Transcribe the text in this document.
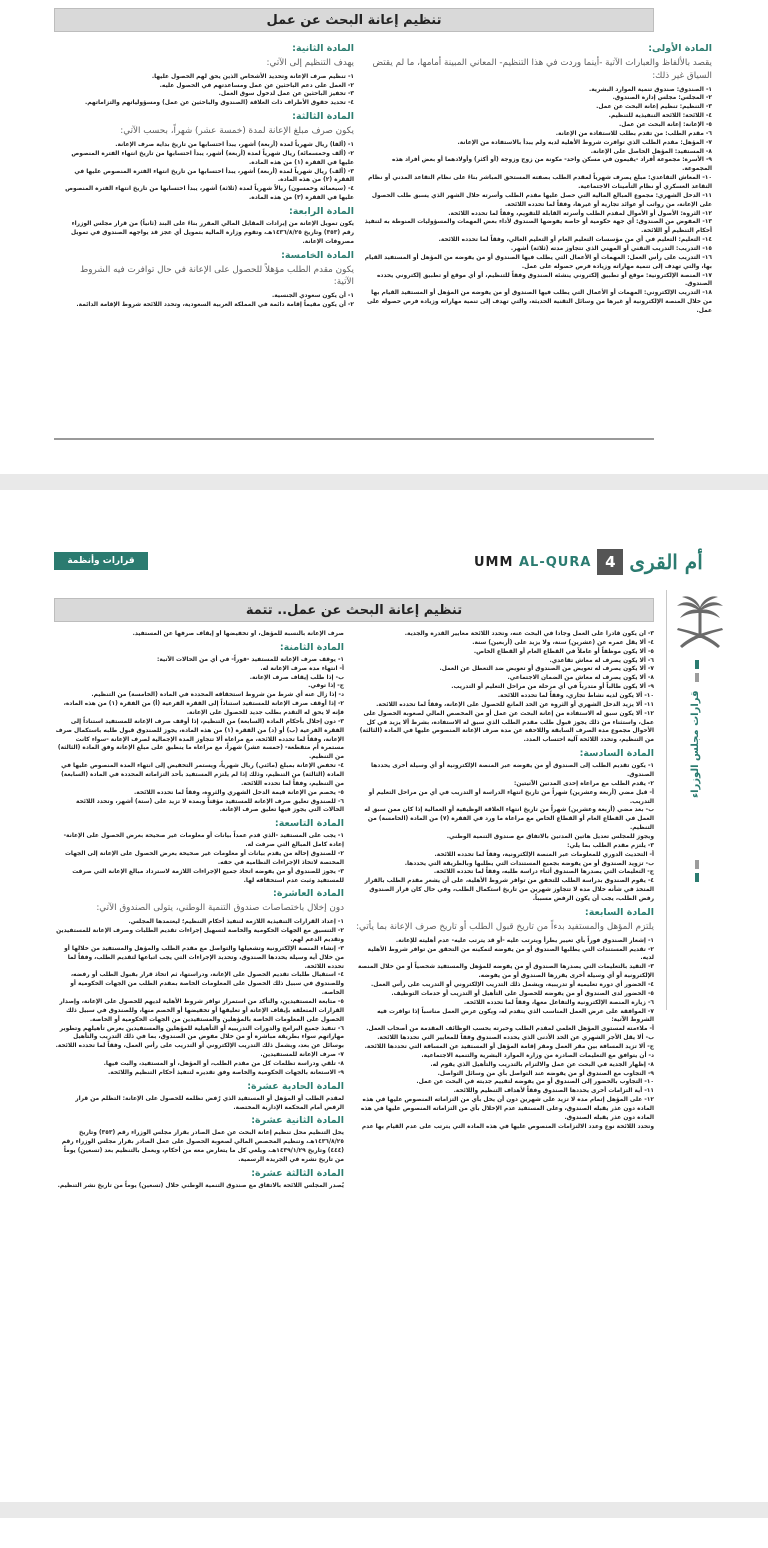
تنظيم إعانة البحث عن عمل
المادة الأولى:
يقصد بالألفاظ والعبارات الآتية -أينما وردت في هذا التنظيم- المعاني المبينة أمامها، ما لم يقتض السياق غير ذلك:
١- الصندوق: صندوق تنمية الموارد البشرية.
٢- المجلس: مجلس إدارة الصندوق.
٣- التنظيم: تنظيم إعانة البحث عن عمل.
٤- اللائحة: اللائحة التنفيذية للتنظيم.
٥- الإعانة: إعانة البحث عن عمل.
٦- مقدم الطلب: من تقدم بطلب للاستفادة من الإعانة.
٧- المؤهل: مقدم الطلب الذي توافرت شروط الأهلية لديه ولم يبدأ بالاستفادة من الإعانة.
٨- المستفيد: المؤهل الحاصل على الإعانة.
٩- الأسرة: مجموعة أفراد -يقيمون في مسكن واحد- مكونة من زوج وزوجة (أو أكثر) وأولادهما أو بعض أفراد هذه المجموعة.
١٠- المعاش التقاعدي: مبلغ يصرف شهرياً لمقدم الطلب بصفته المستحق المباشر بناءً على نظام التقاعد المدني أو نظام التقاعد العسكري أو نظام التأمينات الاجتماعية.
١١- الدخل الشهري: مجموع المبالغ المالية التي حصل عليها مقدم الطلب وأسرته خلال الشهر الذي يسبق طلب الحصول على الإعانة، من رواتب أو عوائد تجارية أو غيرها، وفقاً لما تحدده اللائحة.
١٢- الثروة: الأصول أو الأموال لمقدم الطلب وأسرته القابلة للتقويم، وفقاً لما تحدده اللائحة.
١٣- المفوض من الصندوق: أي جهة حكومية أو خاصة يفوضها الصندوق لأداء بعض المهمات والمسؤوليات المنوطة به لتنفيذ أحكام التنظيم أو اللائحة.
١٤- التعليم: التعليم في أي من مؤسسات التعليم العام أو التعليم العالي، وفقاً لما تحدده اللائحة.
١٥- التدريب: التدريب التقني أو المهني الذي تتجاوز مدته (ثلاثة) أشهر.
١٦- التدريب على رأس العمل: المهمات أو الأعمال التي يطلب فيها الصندوق أو من يفوضه من المؤهل أو المستفيد القيام بها، والتي تهدف إلى تنمية مهاراته وزيادة فرص حصوله على عمل.
١٧- المنصة الإلكترونية: موقع أو تطبيق إلكتروني ينشئه الصندوق وفقاً للتنظيم، أو أي موقع أو تطبيق إلكتروني يحدده الصندوق.
١٨- التدريب الإلكتروني: المهمات أو الأعمال التي يطلب فيها الصندوق أو من يفوضه من المؤهل أو المستفيد القيام بها من خلال المنصة الإلكترونية أو غيرها من وسائل التقنية الحديثة، والتي تهدف إلى تنمية مهاراته وزيادة فرص حصوله على عمل.
المادة الثانية:
يهدف التنظيم إلى الآتي:
١- تنظيم صرف الإعانة وتحديد الأشخاص الذين يحق لهم الحصول عليها.
٢- العمل على دعم الباحثين عن عمل ومساعدتهم في الحصول عليه.
٣- تحفيز الباحثين عن عمل لدخول سوق العمل.
٤- تحديد حقوق الأطراف ذات العلاقة (الصندوق والباحثين عن عمل) ومسؤولياتهم والتزاماتهم.
المادة الثالثة:
يكون صرف مبلغ الإعانة لمدة (خمسة عشر) شهراً، بحسب الآتي:
١- (ألفا) ريال شهرياً لمدة (أربعة) أشهر، يبدأ احتسابها من تاريخ بداية صرف الإعانة.
٢- (ألف وخمسمائة) ريال شهرياً لمدة (أربعة) أشهر، يبدأ احتسابها من تاريخ انتهاء الفترة المنصوص عليها في الفقرة (١) من هذه المادة.
٣- (ألف) ريال شهرياً لمدة (أربعة) أشهر، يبدأ احتسابها من تاريخ انتهاء الفترة المنصوص عليها في الفقرة (٢) من هذه المادة.
٤- (سبعمائة وخمسون) ريالاً شهرياً لمدة (ثلاثة) أشهر، يبدأ احتسابها من تاريخ انتهاء الفترة المنصوص عليها في الفقرة (٣) من هذه المادة.
المادة الرابعة:
يكون تمويل الإعانة من إيرادات المقابل المالي المقرر بناءً على البند (ثانياً) من قرار مجلس الوزراء رقم (٣٥٣) وتاريخ ١٤٣٦/٨/٢٥هـ، وتقوم وزارة المالية بتمويل أي عجز قد يواجهه الصندوق في تمويل مصروفات الإعانة.
المادة الخامسة:
يكون مقدم الطلب مؤهلاً للحصول على الإعانة في حال توافرت فيه الشروط الآتية:
١- أن يكون سعودي الجنسية.
٢- أن يكون مقيماً إقامة دائمة في المملكة العربية السعودية، وتحدد اللائحة شروط الإقامة الدائمة.
قرارات وأنظمة	UMM AL-QURA 4 أم القرى
قرارات مجلس الوزراء
تنظيم إعانة البحث عن عمل.. تتمة
٣- أن يكون قادراً على العمل وجاداً في البحث عنه، وتحدد اللائحة معايير القدرة والجدية.
٤- ألا يقل عمره عن (عشرين) سنة، ولا يزيد على (أربعين) سنة.
٥- ألا يكون موظفاً أو عاملاً في القطاع العام أو القطاع الخاص.
٦- ألا يكون يصرف له معاش تقاعدي.
٧- ألا يكون يصرف له تعويض من الصندوق أو تعويض ضد التعطل عن العمل.
٨- ألا يكون يصرف له معاش من الضمان الاجتماعي.
٩- ألا يكون طالباً أو متدرباً في أي مرحلة من مراحل التعليم أو التدريب.
١٠- ألا يكون لديه نشاط تجاري، وفقاً لما تحدده اللائحة.
١١- ألا يزيد الدخل الشهري أو الثروة عن الحد المانع للحصول على الإعانة، وفقاً لما تحدده اللائحة.
١٢- ألا يكون سبق له الاستفادة من إعانة البحث عن عمل أو من المخصص المالي لصعوبة الحصول على عمل، واستثناء من ذلك يجوز قبول طلب مقدم الطلب الذي سبق له الاستفادة، بشرط ألا يزيد في كل الأحوال مجموع مدة الصرف السابقة واللاحقة عن مدة صرف الإعانة المنصوص عليها في المادة (الثالثة) من التنظيم، وتحدد اللائحة آلية احتساب المدد.
المادة السادسة:
١- يكون تقديم الطلب إلى الصندوق أو من يفوضه عبر المنصة الإلكترونية أو أي وسيلة أخرى يحددها الصندوق.
٢- يقدم الطلب مع مراعاة إحدى المدتين الآتيتين:
أ- قبل مضي (أربعة وعشرين) شهراً من تاريخ انتهاء الدراسة أو التدريب في أي من مراحل التعليم أو التدريب.
ب- بعد مضي (أربعة وعشرين) شهراً من تاريخ انتهاء العلاقة الوظيفية أو العمالية إذا كان ممن سبق له العمل في القطاع العام أو القطاع الخاص مع مراعاة ما ورد في الفقرة (٧) من المادة (الخامسة) من التنظيم.
ويجوز للمجلس تعديل هاتين المدتين بالاتفاق مع صندوق التنمية الوطني.
٣- يلتزم مقدم الطلب بما يلي:
أ- التحديث الدوري للمعلومات عبر المنصة الإلكترونية، وفقاً لما تحدده اللائحة.
ب- تزويد الصندوق أو من يفوضه بجميع المستندات التي يطلبها وبالطريقة التي يحددها.
ج- التعليمات التي يصدرها الصندوق أثناء دراسة طلبه، وفقاً لما تحدده اللائحة.
٤- يقوم الصندوق بدراسة الطلب للتحقق من توافر شروط الأهلية، على أن يشعر مقدم الطلب بالقرار المتخذ في شأنه خلال مدة لا تتجاوز شهرين من تاريخ استكمال الطلب، وفي حال كان قرار الصندوق رفض الطلب، يجب أن يكون الرفض مسبباً.
المادة السابعة:
يلتزم المؤهل والمستفيد بدءاً من تاريخ قبول الطلب أو تاريخ صرف الإعانة بما يأتي:
١- إشعار الصندوق فوراً بأي تغيير يطرأ ويترتب عليه -أو قد يترتب عليه- عدم أهليته للإعانة.
٢- تقديم المستندات التي يطلبها الصندوق أو من يفوضه لتمكينه من التحقق من توافر شروط الأهلية لديه.
٣- التقيد بالتعليمات التي يصدرها الصندوق أو من يفوضه للمؤهل والمستفيد شخصياً أو من خلال المنصة الإلكترونية أو أي وسيلة أخرى يقررها الصندوق أو من يفوضه.
٤- الحضور أي دورة تعليمية أو تدريبية، ويشمل ذلك التدريب الإلكتروني أو التدريب على رأس العمل.
٥- الحضور لدى الصندوق أو من يفوضه للحصول على التأهيل أو التدريب أو خدمات التوظيف.
٦- زيارة المنصة الإلكترونية والتفاعل معها، وفقاً لما تحدده اللائحة.
٧- الموافقة على عرض العمل المناسب الذي يتقدم له، ويكون عرض العمل مناسباً إذا توافرت فيه الشروط الآتية:
أ- ملاءمته لمستوى المؤهل العلمي لمقدم الطلب وخبرته بحسب الوظائف المقدمة من أصحاب العمل.
ب- ألا يقل الأجر الشهري عن الحد الأدنى الذي يحدده الصندوق وفقاً للمعايير التي تحددها اللائحة.
ج- ألا تزيد المسافة بين مقر العمل ومقر إقامة المؤهل أو المستفيد عن المسافة التي تحددها اللائحة.
د- أن يتوافق مع التعليمات الصادرة من وزارة الموارد البشرية والتنمية الاجتماعية.
٨- إظهار الجدية في البحث عن عمل والالتزام بالتدريب والتأهيل الذي يقوم له.
٩- التجاوب مع الصندوق أو من يفوضه عند التواصل بأي من وسائل التواصل.
١٠- التجاوب بالحضور إلى الصندوق أو من يفوضه لتقييم جديته في البحث عن عمل.
١١- أية التزامات أخرى يحددها الصندوق وفقاً لأهداف التنظيم واللائحة.
١٢- على المؤهل إتمام مدة لا تزيد على شهرين دون أن يخل بأي من التزاماته المنصوص عليها في هذه المادة دون عذر يقبله الصندوق، وعلى المستفيد عدم الإخلال بأي من التزاماته المنصوص عليها في هذه المادة دون عذر يقبله الصندوق.
وتحدد اللائحة نوع وعدد الالتزامات المنصوص عليها في هذه المادة التي يترتب على عدم القيام بها عدم
صرف الإعانة بالنسبة للمؤهل، أو تخفيضها أو إيقاف صرفها عن المستفيد.
المادة الثامنة:
١- يوقف صرف الإعانة للمستفيد -فوراً- في أي من الحالات الآتية:
أ- انتهاء مدة صرف الإعانة له.
ب- إذا طلب إيقاف صرف الإعانة.
ج- إذا توفي.
د- إذا زال عنه أي شرط من شروط استحقاقه المحددة في المادة (الخامسة) من التنظيم.
٢- إذا أوقف صرف الإعانة للمستفيد استناداً إلى الفقرة الفرعية (أ) من الفقرة (١) من هذه المادة، فإنه لا يحق له التقدم بطلب جديد للحصول على الإعانة.
٣- دون إخلال بأحكام المادة (السابعة) من التنظيم، إذا أوقف صرف الإعانة للمستفيد استناداً إلى الفقرة الفرعية (ب) أو (د) من الفقرة (١) من هذه المادة، يجوز للصندوق قبول طلبه باستكمال صرف الإعانة، وفقاً لما تحدده اللائحة، مع مراعاة ألا تتجاوز المدة الإجمالية لصرف الإعانة -سواء كانت مستمرة أم متقطعة- (خمسة عشر) شهراً، مع مراعاة ما ينطبق على مبلغ الإعانة وفق المادة (الثالثة) من التنظيم.
٤- تخفض الإعانة بمبلغ (مائتي) ريال شهرياً، ويستمر التخفيض إلى انتهاء المدة المنصوص عليها في المادة (الثالثة) من التنظيم، وذلك إذا لم يلتزم المستفيد بأحد التزاماته المحددة في المادة (السابعة) من التنظيم، وفقاً لما تحدده اللائحة.
٥- يخصم من الإعانة قيمة الدخل الشهري والثروة، وفقاً لما تحدده اللائحة.
٦- للصندوق تعليق صرف الإعانة للمستفيد مؤقتاً وبمدة لا تزيد على (ستة) أشهر، وتحدد اللائحة الحالات التي يجوز فيها تعليق صرف الإعانة.
المادة التاسعة:
١- يجب على المستفيد -الذي قدم عمداً بيانات أو معلومات غير صحيحة بغرض الحصول على الإعانة- إعادة كامل المبالغ التي صرفت له.
٢- للصندوق إحالة من يقدم بيانات أو معلومات غير صحيحة بغرض الحصول على الإعانة إلى الجهات المختصة لاتخاذ الإجراءات النظامية في حقه.
٣- يجوز للصندوق أو من يفوضه اتخاذ جميع الإجراءات اللازمة لاسترداد مبالغ الإعانة التي صرفت للمستفيد وثبت عدم استحقاقه لها.
المادة العاشرة:
دون إخلال باختصاصات صندوق التنمية الوطني، يتولى الصندوق الآتي:
١- إعداد القرارات التنفيذية اللازمة لتنفيذ أحكام التنظيم؛ ليعتمدها المجلس.
٢- التنسيق مع الجهات الحكومية والخاصة لتسهيل إجراءات تقديم الطلبات وصرف الإعانة للمستفيدين وتقديم الدعم لهم.
٣- إنشاء المنصة الإلكترونية وتشغيلها والتواصل مع مقدم الطلب والمؤهل والمستفيد من خلالها أو من خلال أية وسيلة يحددها الصندوق، وتحديد الإجراءات التي يجب اتباعها لتقديم الطلب، وفقاً لما تحدده اللائحة.
٤- استقبال طلبات تقديم الحصول على الإعانة، ودراستها، ثم اتخاذ قرار بقبول الطلب أو رفضه، وللصندوق في سبيل ذلك الحصول على المعلومات الخاصة بمقدم الطلب من الجهات الحكومية أو الخاصة.
٥- متابعة المستفيدين، والتأكد من استمرار توافر شروط الأهلية لديهم للحصول على الإعانة، وإصدار القرارات المتعلقة بإيقاف الإعانة أو تعليقها أو تخفيضها أو الخصم منها، وللصندوق في سبيل ذلك الحصول على المعلومات الخاصة بالمؤهلين والمستفيدين من الجهات الحكومية أو الخاصة.
٦- تنفيذ جميع البرامج والدورات التدريبية أو التأهيلية للمؤهلين والمستفيدين بغرض تأهيلهم وتطوير مهاراتهم سواء بطريقة مباشرة أو من خلال مفوض من الصندوق، بما في ذلك التدريب والتأهيل بوسائل عن بعد، ويشمل ذلك التدريب الإلكتروني أو التدريب على رأس العمل، وفقاً لما تحدده اللائحة.
٧- صرف الإعانة للمستفيدين.
٨- تلقي ودراسة تظلمات كل من مقدم الطلب، أو المؤهل، أو المستفيد، والبت فيها.
٩- الاستعانة بالجهات الحكومية والخاصة وفق تقديره لتنفيذ أحكام التنظيم واللائحة.
المادة الحادية عشرة:
لمقدم الطلب أو المؤهل أو المستفيد الذي رُفض تظلمه للحصول على الإعانة: التظلم من قرار الرفض أمام المحكمة الإدارية المختصة.
المادة الثانية عشرة:
يحل التنظيم محل تنظيم إعانة البحث عن عمل الصادر بقرار مجلس الوزراء رقم (٣٥٣) وتاريخ ١٤٣٦/٨/٢٥هـ، وتنظيم المخصص المالي لصعوبة الحصول على عمل الصادر بقرار مجلس الوزراء رقم (٤٤٤) وتاريخ ١٤٣٩/١/٢٩هـ، ويلغي كل ما يتعارض معه من أحكام، ويعمل بالتنظيم بعد (تسعين) يوماً من تاريخ نشره في الجريدة الرسمية.
المادة الثالثة عشرة:
يُصدر المجلس اللائحة بالاتفاق مع صندوق التنمية الوطني خلال (تسعين) يوماً من تاريخ نشر التنظيم.
